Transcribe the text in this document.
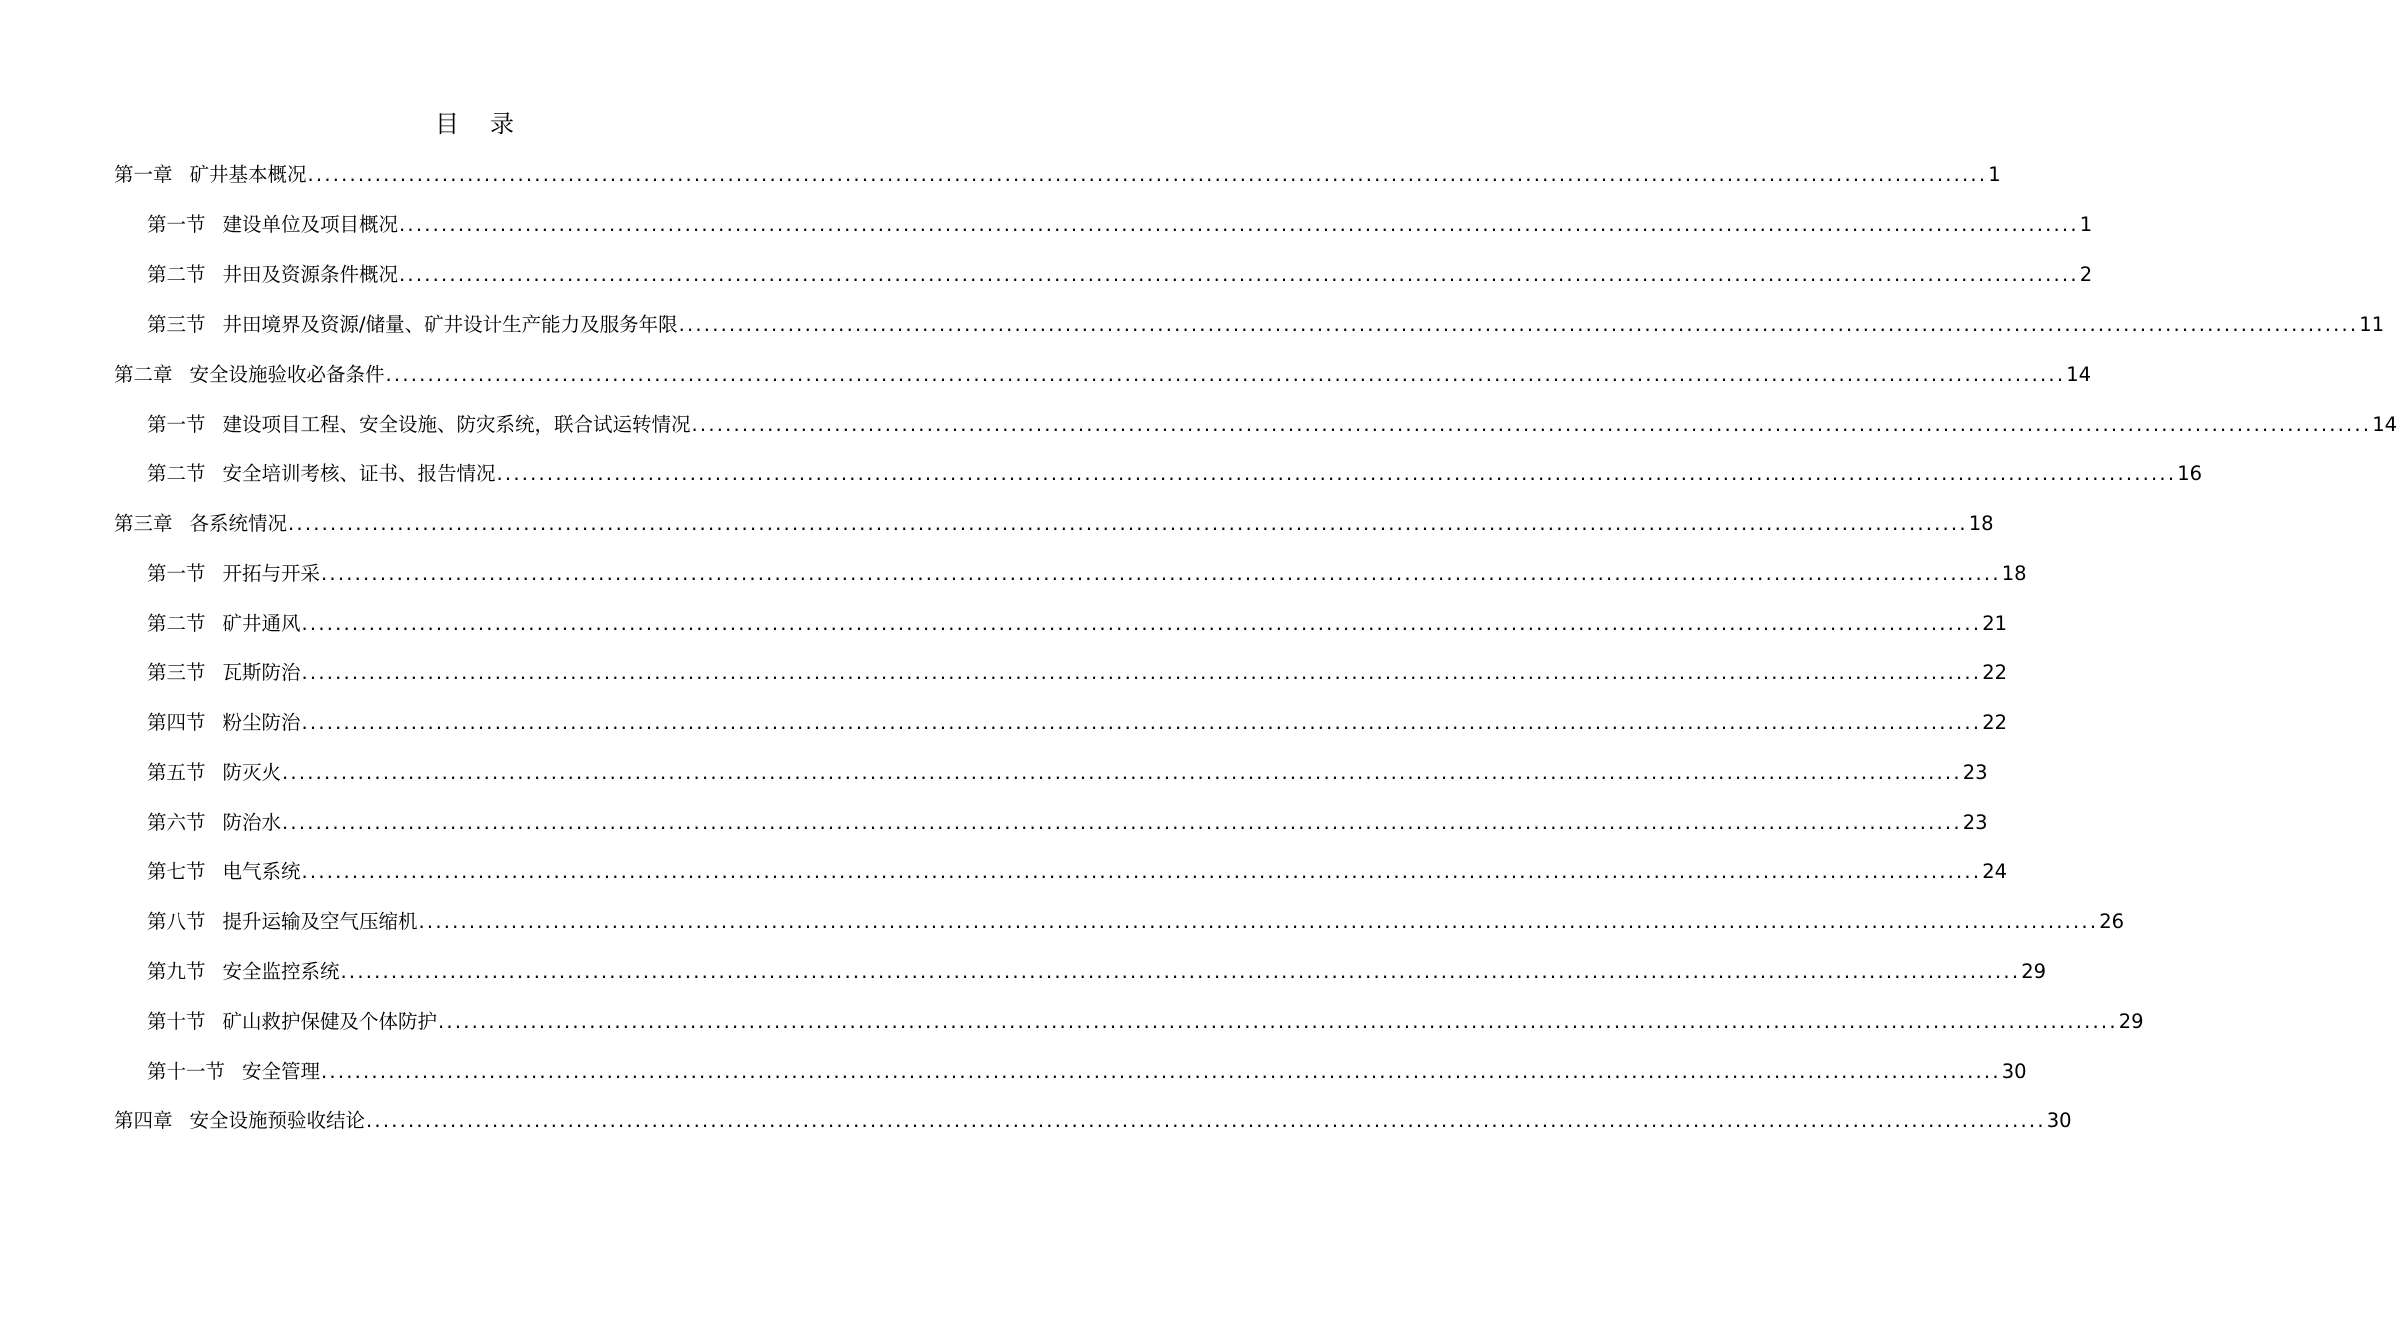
目 录
第一章 矿井基本概况 ........................................................................................................................................................................................................ 1
第一节 建设单位及项目概况 ........................................................................................................................................................................................................ 1
第二节 井田及资源条件概况 ........................................................................................................................................................................................................ 2
第三节 井田境界及资源/储量、矿井设计生产能力及服务年限 ........................................................................................................................................................................................................ 11
第二章 安全设施验收必备条件 ........................................................................................................................................................................................................ 14
第一节 建设项目工程、安全设施、防灾系统，联合试运转情况 ........................................................................................................................................................................................................ 14
第二节 安全培训考核、证书、报告情况 ........................................................................................................................................................................................................ 16
第三章 各系统情况 ........................................................................................................................................................................................................ 18
第一节 开拓与开采 ........................................................................................................................................................................................................ 18
第二节 矿井通风 ........................................................................................................................................................................................................ 21
第三节 瓦斯防治 ........................................................................................................................................................................................................ 22
第四节 粉尘防治 ........................................................................................................................................................................................................ 22
第五节 防灭火 ........................................................................................................................................................................................................ 23
第六节 防治水 ........................................................................................................................................................................................................ 23
第七节 电气系统 ........................................................................................................................................................................................................ 24
第八节 提升运输及空气压缩机 ........................................................................................................................................................................................................ 26
第九节 安全监控系统 ........................................................................................................................................................................................................ 29
第十节 矿山救护保健及个体防护 ........................................................................................................................................................................................................ 29
第十一节 安全管理 ........................................................................................................................................................................................................ 30
第四章 安全设施预验收结论 ........................................................................................................................................................................................................ 30
